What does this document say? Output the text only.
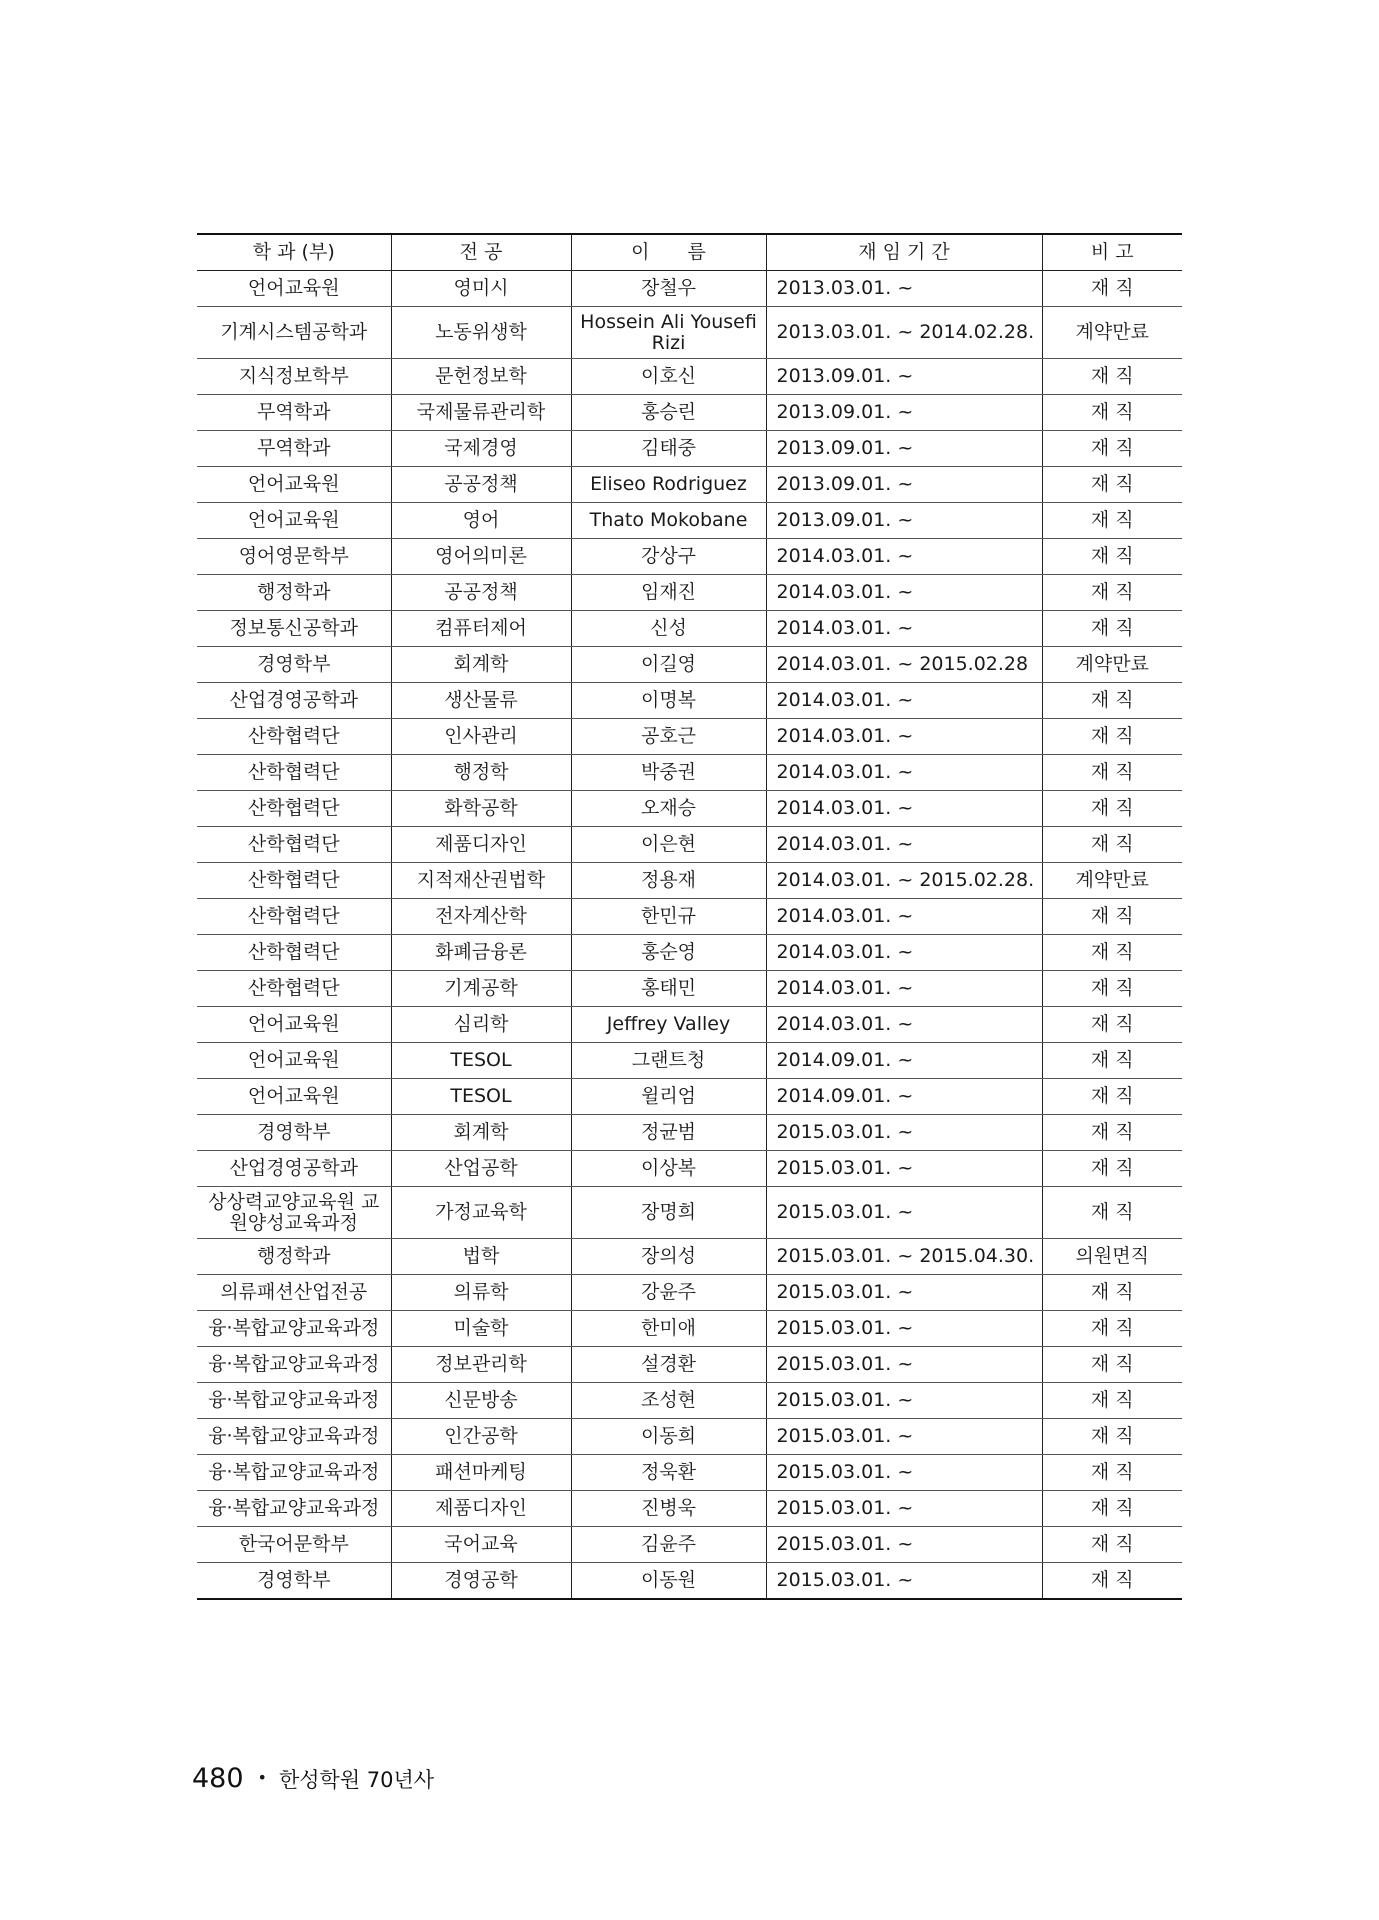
학 과 (부)	전 공	이　　름	재 임 기 간	비 고
언어교육원	영미시	장철우	2013.03.01. ~	재 직
기계시스템공학과	노동위생학	Hossein Ali Yousefi Rizi	2013.03.01. ~ 2014.02.28.	계약만료
지식정보학부	문헌정보학	이호신	2013.09.01. ~	재 직
무역학과	국제물류관리학	홍승린	2013.09.01. ~	재 직
무역학과	국제경영	김태중	2013.09.01. ~	재 직
언어교육원	공공정책	Eliseo Rodriguez	2013.09.01. ~	재 직
언어교육원	영어	Thato Mokobane	2013.09.01. ~	재 직
영어영문학부	영어의미론	강상구	2014.03.01. ~	재 직
행정학과	공공정책	임재진	2014.03.01. ~	재 직
정보통신공학과	컴퓨터제어	신성	2014.03.01. ~	재 직
경영학부	회계학	이길영	2014.03.01. ~ 2015.02.28	계약만료
산업경영공학과	생산물류	이명복	2014.03.01. ~	재 직
산학협력단	인사관리	공호근	2014.03.01. ~	재 직
산학협력단	행정학	박중권	2014.03.01. ~	재 직
산학협력단	화학공학	오재승	2014.03.01. ~	재 직
산학협력단	제품디자인	이은현	2014.03.01. ~	재 직
산학협력단	지적재산권법학	정용재	2014.03.01. ~ 2015.02.28.	계약만료
산학협력단	전자계산학	한민규	2014.03.01. ~	재 직
산학협력단	화폐금융론	홍순영	2014.03.01. ~	재 직
산학협력단	기계공학	홍태민	2014.03.01. ~	재 직
언어교육원	심리학	Jeffrey Valley	2014.03.01. ~	재 직
언어교육원	TESOL	그랜트청	2014.09.01. ~	재 직
언어교육원	TESOL	윌리엄	2014.09.01. ~	재 직
경영학부	회계학	정균범	2015.03.01. ~	재 직
산업경영공학과	산업공학	이상복	2015.03.01. ~	재 직
상상력교양교육원 교원양성교육과정	가정교육학	장명희	2015.03.01. ~	재 직
행정학과	법학	장의성	2015.03.01. ~ 2015.04.30.	의원면직
의류패션산업전공	의류학	강윤주	2015.03.01. ~	재 직
융·복합교양교육과정	미술학	한미애	2015.03.01. ~	재 직
융·복합교양교육과정	정보관리학	설경환	2015.03.01. ~	재 직
융·복합교양교육과정	신문방송	조성현	2015.03.01. ~	재 직
융·복합교양교육과정	인간공학	이동희	2015.03.01. ~	재 직
융·복합교양교육과정	패션마케팅	정욱환	2015.03.01. ~	재 직
융·복합교양교육과정	제품디자인	진병욱	2015.03.01. ~	재 직
한국어문학부	국어교육	김윤주	2015.03.01. ~	재 직
경영학부	경영공학	이동원	2015.03.01. ~	재 직
480 • 한성학원 70년사
